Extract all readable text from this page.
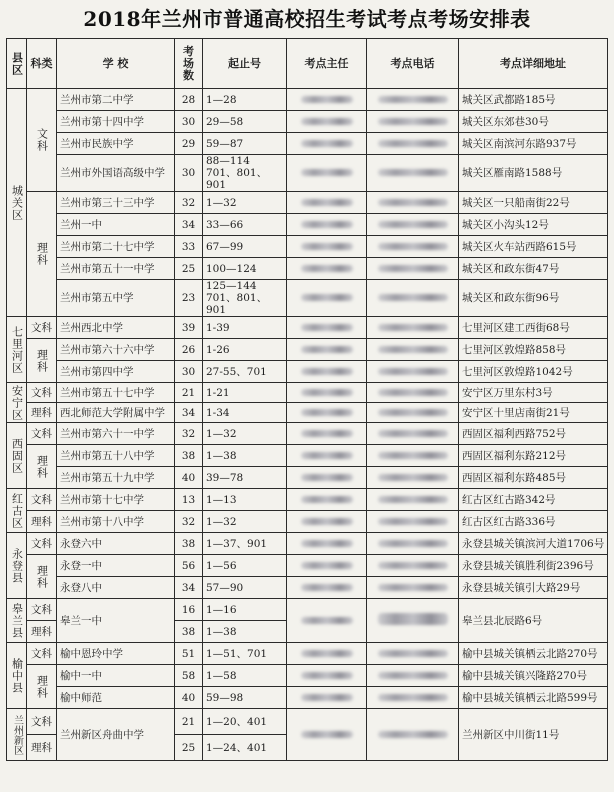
2018年兰州市普通高校招生考试考点考场安排表
县区	科类	学 校	考场数	起止号	考点主任	考点电话	考点详细地址
城关区	文科	兰州市第二中学	28	1—28			城关区武都路185号
		兰州市第十四中学	30	29—58			城关区东郊巷30号
		兰州市民族中学	29	59—87			城关区南滨河东路937号
		兰州市外国语高级中学	30	88—114 701、801、901			城关区雁南路1588号
	理科	兰州市第三十三中学	32	1—32			城关区一只船南街22号
		兰州一中	34	33—66			城关区小沟头12号
		兰州市第二十七中学	33	67—99			城关区火车站西路615号
		兰州市第五十一中学	25	100—124			城关区和政东街47号
		兰州市第五中学	23	125—144 701、801、901			城关区和政东街96号
七里河区	文科	兰州西北中学	39	1-39			七里河区建工西街68号
	理科	兰州市第六十六中学	26	1-26			七里河区敦煌路858号
		兰州市第四中学	30	27-55、701			七里河区敦煌路1042号
安宁区	文科	兰州市第五十七中学	21	1-21			安宁区万里东村3号
	理科	西北师范大学附属中学	34	1-34			安宁区十里店南街21号
西固区	文科	兰州市第六十一中学	32	1—32			西固区福利西路752号
	理科	兰州市第五十八中学	38	1—38			西固区福利东路212号
		兰州市第五十九中学	40	39—78			西固区福利东路485号
红古区	文科	兰州市第十七中学	13	1—13			红古区红古路342号
	理科	兰州市第十八中学	32	1—32			红古区红古路336号
永登县	文科	永登六中	38	1—37、901			永登县城关镇滨河大道1706号
	理科	永登一中	56	1—56			永登县城关镇胜利街2396号
		永登八中	34	57—90			永登县城关镇引大路29号
皋兰县	文科	皋兰一中	16	1—16			皋兰县北辰路6号
	理科		38	1—38			
榆中县	文科	榆中恩玲中学	51	1—51、701			榆中县城关镇栖云北路270号
	理科	榆中一中	58	1—58			榆中县城关镇兴隆路270号
		榆中师范	40	59—98			榆中县城关镇栖云北路599号
兰州新区	文科	兰州新区舟曲中学	21	1—20、401			兰州新区中川街11号
	理科		25	1—24、401			
